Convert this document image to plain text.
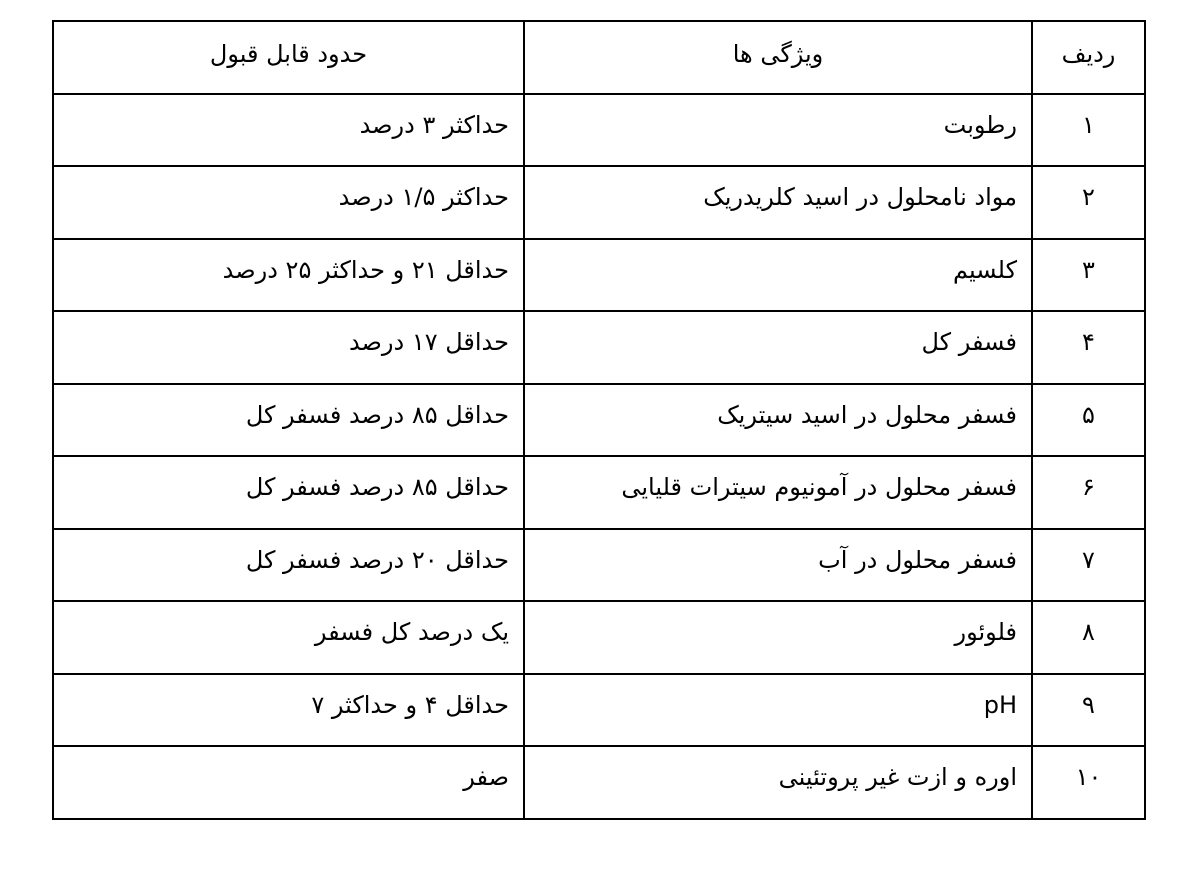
ردیف	ویژگی ها	حدود قابل قبول
۱	رطوبت	حداکثر ۳ درصد
۲	مواد نامحلول در اسید کلریدریک	حداکثر ۱/۵ درصد
۳	کلسیم	حداقل ۲۱ و حداکثر ۲۵ درصد
۴	فسفر کل	حداقل ۱۷ درصد
۵	فسفر محلول در اسید سیتریک	حداقل ۸۵ درصد فسفر کل
۶	فسفر محلول در آمونیوم سیترات قلیایی	حداقل ۸۵ درصد فسفر کل
۷	فسفر محلول در آب	حداقل ۲۰ درصد فسفر کل
۸	فلوئور	یک درصد کل فسفر
۹	pH	حداقل ۴ و حداکثر ۷
۱۰	اوره و ازت غیر پروتئینی	صفر
